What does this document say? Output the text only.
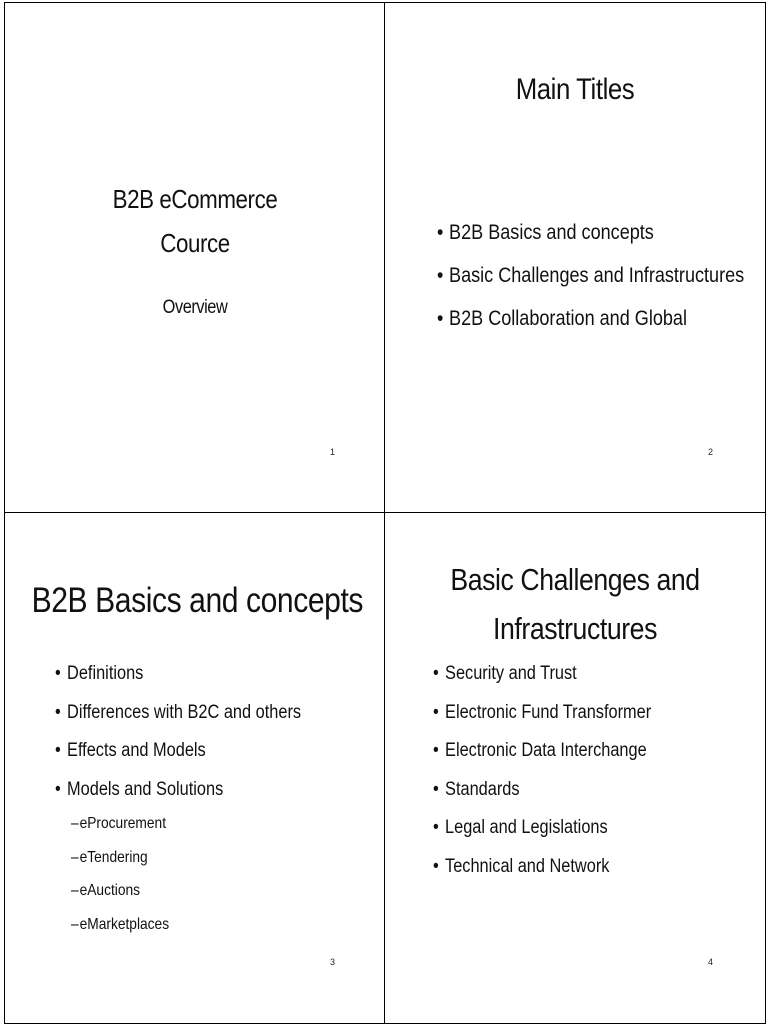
B2B eCommerce
Cource
Overview
1
Main Titles
• B2B Basics and concepts
• Basic Challenges and Infrastructures
• B2B Collaboration and Global
2
B2B Basics and concepts
• Definitions
• Differences with B2C and others
• Effects and Models
• Models and Solutions
–eProcurement
–eTendering
–eAuctions
–eMarketplaces
3
Basic Challenges and
Infrastructures
• Security and Trust
• Electronic Fund Transformer
• Electronic Data Interchange
• Standards
• Legal and Legislations
• Technical and Network
4
